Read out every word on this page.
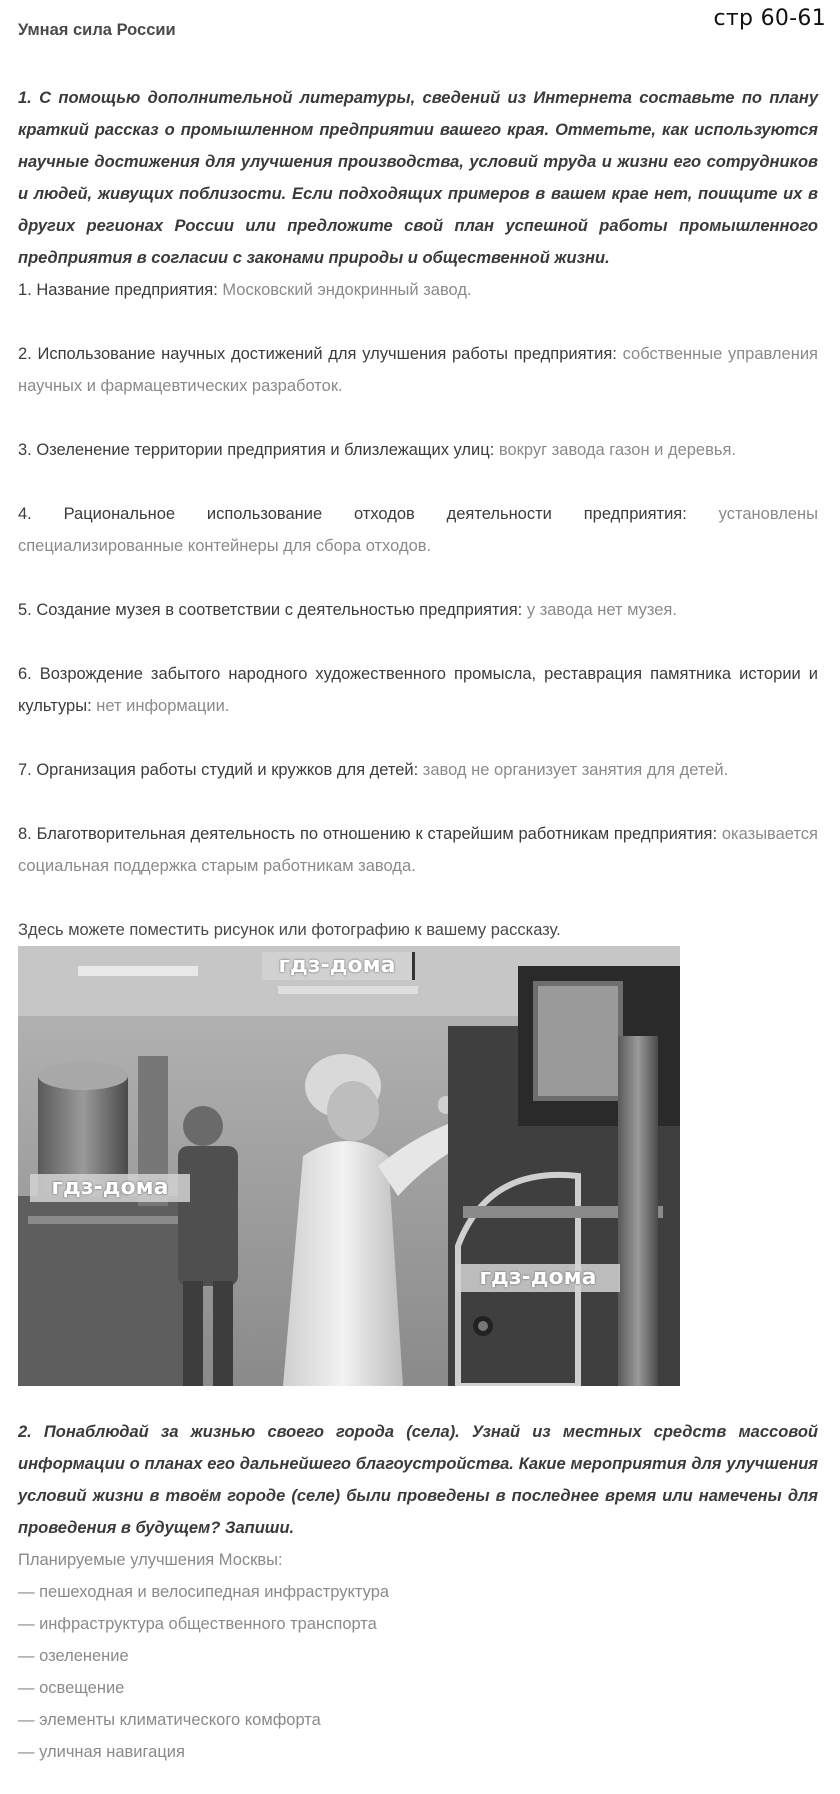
стр 60-61
Умная сила России

1. С помощью дополнительной литературы, сведений из Интернета составьте по плану краткий рассказ о промышленном предприятии вашего края. Отметьте, как используются научные достижения для улучшения производства, условий труда и жизни его сотрудников и людей, живущих поблизости. Если подходящих примеров в вашем крае нет, поищите их в других регионах России или предложите свой план успешной работы промышленного предприятия в согласии с законами природы и общественной жизни.

1. Название предприятия: Московский эндокринный завод.

2. Использование научных достижений для улучшения работы предприятия: собственные управления научных и фармацевтических разработок.

3. Озеленение территории предприятия и близлежащих улиц: вокруг завода газон и деревья.

4. Рациональное использование отходов деятельности предприятия: установлены специализированные контейнеры для сбора отходов.

5. Создание музея в соответствии с деятельностью предприятия: у завода нет музея.

6. Возрождение забытого народного художественного промысла, реставрация памятника истории и культуры: нет информации.

7. Организация работы студий и кружков для детей: завод не организует занятия для детей.

8. Благотворительная деятельность по отношению к старейшим работникам предприятия: оказывается социальная поддержка старым работникам завода.

Здесь можете поместить рисунок или фотографию к вашему рассказу.

гдз-дома
гдз-дома
гдз-дома

2. Понаблюдай за жизнью своего города (села). Узнай из местных средств массовой информации о планах его дальнейшего благоустройства. Какие мероприятия для улучшения условий жизни в твоём городе (селе) были проведены в последнее время или намечены для проведения в будущем? Запиши.

Планируемые улучшения Москвы:

— пешеходная и велосипедная инфраструктура
— инфраструктура общественного транспорта
— озеленение
— освещение
— элементы климатического комфорта
— уличная навигация
